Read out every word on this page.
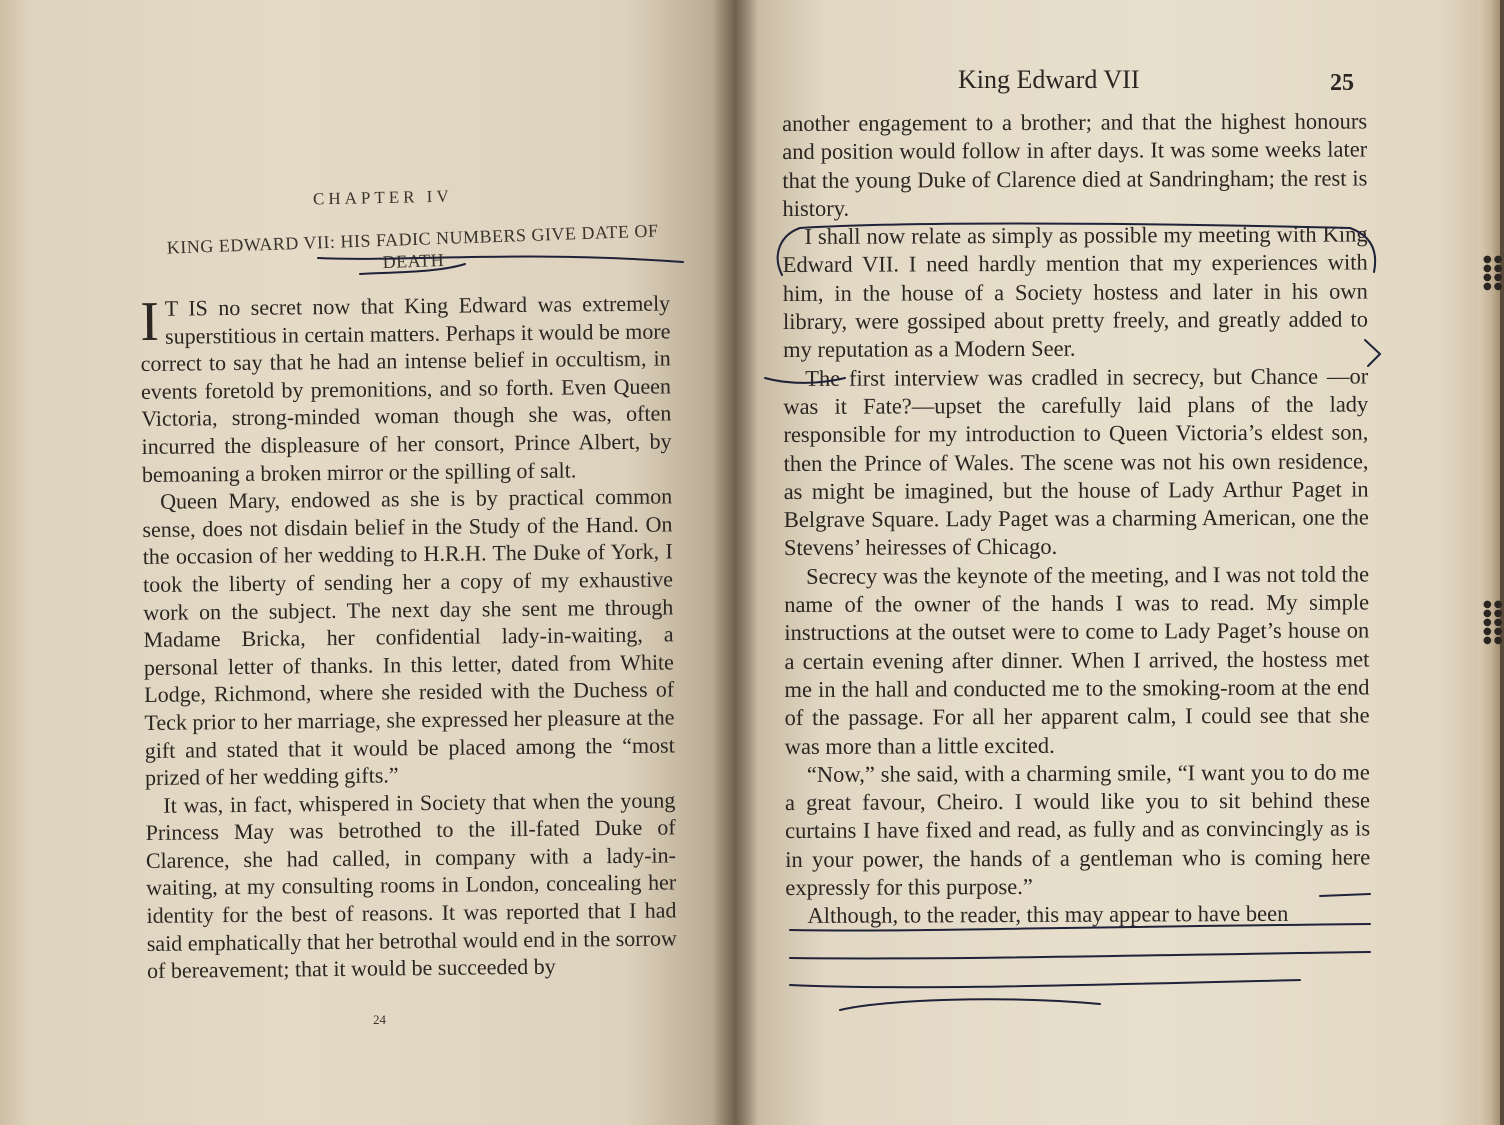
CHAPTER IV
KING EDWARD VII: HIS FADIC NUMBERS GIVE DATE OF DEATH

I T IS no secret now that King Edward was extremely superstitious in certain matters. Perhaps it would be more correct to say that he had an intense belief in occultism, in events foretold by premonitions, and so forth. Even Queen Victoria, strong-minded woman though she was, often incurred the displeasure of her consort, Prince Albert, by bemoaning a broken mirror or the spilling of salt.

Queen Mary, endowed as she is by practical common sense, does not disdain belief in the Study of the Hand. On the occasion of her wedding to H.R.H. The Duke of York, I took the liberty of sending her a copy of my exhaustive work on the subject. The next day she sent me through Madame Bricka, her confidential lady-in-waiting, a personal letter of thanks. In this letter, dated from White Lodge, Richmond, where she resided with the Duchess of Teck prior to her marriage, she expressed her pleasure at the gift and stated that it would be placed among the “most prized of her wedding gifts.”

It was, in fact, whispered in Society that when the young Princess May was betrothed to the ill-fated Duke of Clarence, she had called, in company with a lady-in-waiting, at my consulting rooms in London, concealing her identity for the best of reasons. It was reported that I had said emphatically that her betrothal would end in the sorrow of bereavement; that it would be succeeded by

24
King Edward VII	25

another engagement to a brother; and that the highest honours and position would follow in after days. It was some weeks later that the young Duke of Clarence died at Sandringham; the rest is history.

I shall now relate as simply as possible my meeting with King Edward VII. I need hardly mention that my experiences with him, in the house of a Society hostess and later in his own library, were gossiped about pretty freely, and greatly added to my reputation as a Modern Seer.

The first interview was cradled in secrecy, but Chance —or was it Fate?—upset the carefully laid plans of the lady responsible for my introduction to Queen Victoria’s eldest son, then the Prince of Wales. The scene was not his own residence, as might be imagined, but the house of Lady Arthur Paget in Belgrave Square. Lady Paget was a charming American, one the Stevens’ heiresses of Chicago.

Secrecy was the keynote of the meeting, and I was not told the name of the owner of the hands I was to read. My simple instructions at the outset were to come to Lady Paget’s house on a certain evening after dinner. When I arrived, the hostess met me in the hall and conducted me to the smoking-room at the end of the passage. For all her apparent calm, I could see that she was more than a little excited.

“Now,” she said, with a charming smile, “I want you to do me a great favour, Cheiro. I would like you to sit behind these curtains I have fixed and read, as fully and as convincingly as is in your power, the hands of a gentleman who is coming here expressly for this purpose.”

Although, to the reader, this may appear to have been

●●
●●
●●
●●
●●
●●
●●
●●
●●
